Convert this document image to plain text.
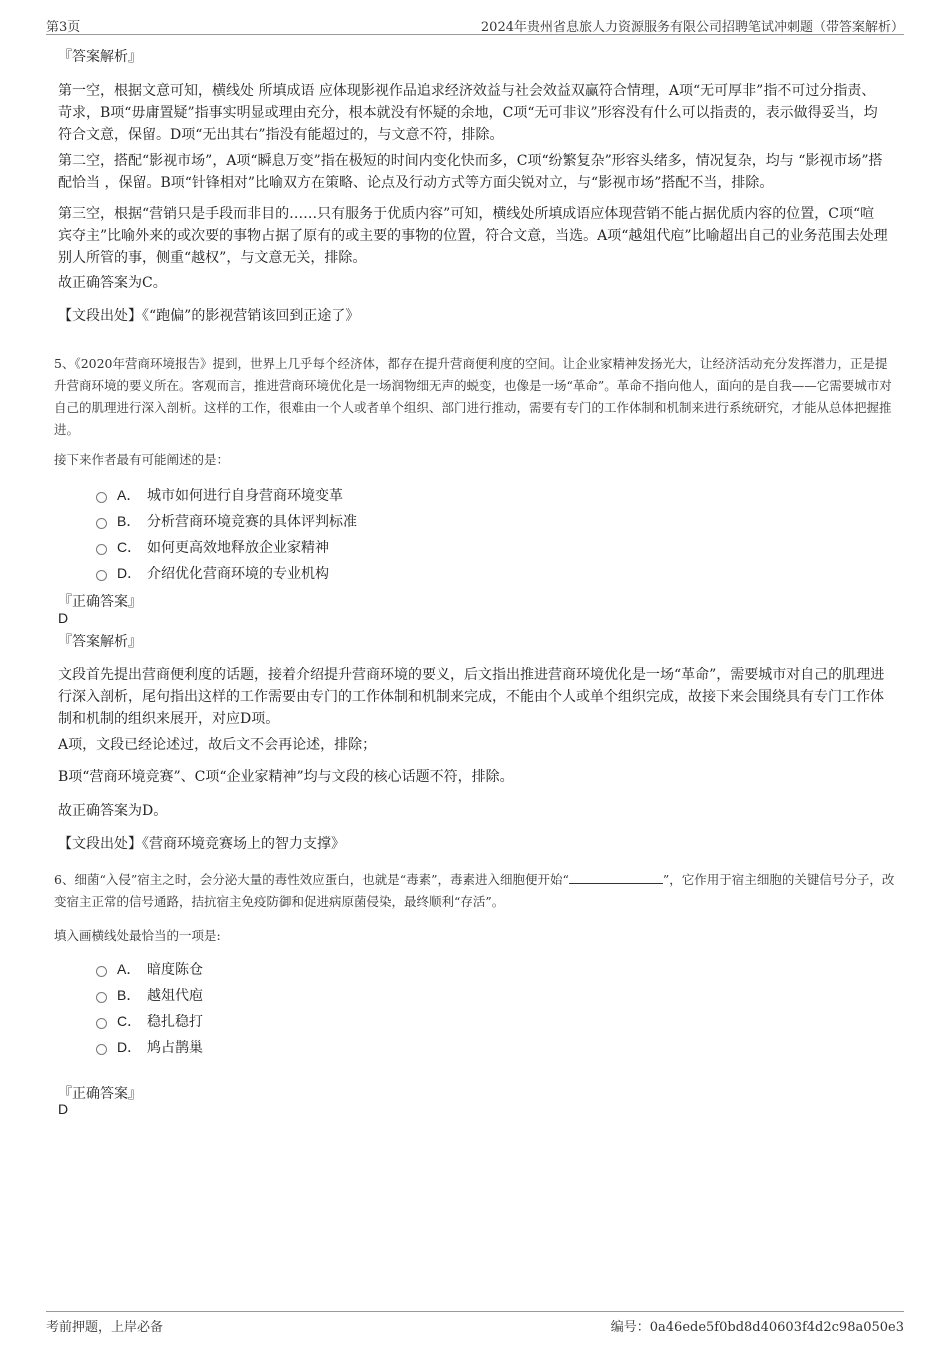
第3页	2024年贵州省息旅人力资源服务有限公司招聘笔试冲刺题（带答案解析）
『答案解析』
第一空，根据文意可知，横线处 所填成语 应体现影视作品追求经济效益与社会效益双赢符合情理，A项“无可厚非”指不可过分指责、苛求，B项“毋庸置疑”指事实明显或理由充分，根本就没有怀疑的余地，C项“无可非议”形容没有什么可以指责的，表示做得妥当，均符合文意，保留。D项“无出其右”指没有能超过的，与文意不符，排除。
第二空，搭配“影视市场”，A项“瞬息万变”指在极短的时间内变化快而多，C项“纷繁复杂”形容头绪多，情况复杂，均与 “影视市场”搭配恰当 ，保留。B项“针锋相对”比喻双方在策略、论点及行动方式等方面尖锐对立，与“影视市场”搭配不当，排除。
第三空，根据“营销只是手段而非目的……只有服务于优质内容”可知，横线处所填成语应体现营销不能占据优质内容的位置，C项“喧宾夺主”比喻外来的或次要的事物占据了原有的或主要的事物的位置，符合文意，当选。A项“越俎代庖”比喻超出自己的业务范围去处理别人所管的事，侧重“越权”，与文意无关，排除。
故正确答案为C。
【文段出处】《“跑偏”的影视营销该回到正途了》
5、《2020年营商环境报告》提到，世界上几乎每个经济体，都存在提升营商便利度的空间。让企业家精神发扬光大，让经济活动充分发挥潜力，正是提升营商环境的要义所在。客观而言，推进营商环境优化是一场润物细无声的蜕变，也像是一场“革命”。革命不指向他人，面向的是自我——它需要城市对自己的肌理进行深入剖析。这样的工作，很难由一个人或者单个组织、部门进行推动，需要有专门的工作体制和机制来进行系统研究，才能从总体把握推进。
接下来作者最有可能阐述的是：
A． 城市如何进行自身营商环境变革
B． 分析营商环境竞赛的具体评判标准
C． 如何更高效地释放企业家精神
D． 介绍优化营商环境的专业机构
『正确答案』
D
『答案解析』
文段首先提出营商便利度的话题，接着介绍提升营商环境的要义，后文指出推进营商环境优化是一场“革命”，需要城市对自己的肌理进行深入剖析，尾句指出这样的工作需要由专门的工作体制和机制来完成，不能由个人或单个组织完成，故接下来会围绕具有专门工作体制和机制的组织来展开，对应D项。
A项，文段已经论述过，故后文不会再论述，排除；
B项“营商环境竞赛”、C项“企业家精神”均与文段的核心话题不符，排除。
故正确答案为D。
【文段出处】《营商环境竞赛场上的智力支撑》
6、细菌“入侵”宿主之时，会分泌大量的毒性效应蛋白，也就是“毒素”，毒素进入细胞便开始“	”，它作用于宿主细胞的关键信号分子，改变宿主正常的信号通路，拮抗宿主免疫防御和促进病原菌侵染，最终顺利“存活”。
填入画横线处最恰当的一项是:
A． 暗度陈仓
B． 越俎代庖
C． 稳扎稳打
D． 鸠占鹊巢
『正确答案』
D
考前押题，上岸必备	编号：0a46ede5f0bd8d40603f4d2c98a050e3
